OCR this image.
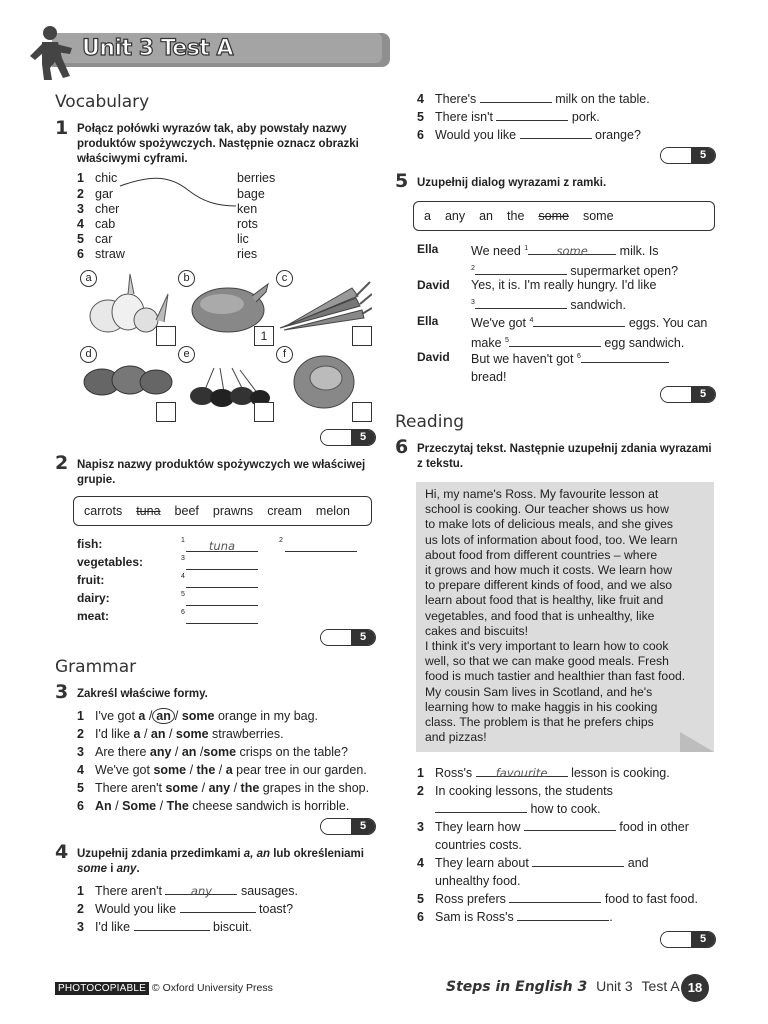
Unit 3 Test A
Vocabulary
1 Połącz połówki wyrazów tak, aby powstały nazwy produktów spożywczych. Następnie oznacz obrazki właściwymi cyframi.
1 chic
2 gar
3 cher
4 cab
5 car
6 straw
berries
bage
ken
rots
lic
ries
a	b
1
c
d	e	f
5
2 Napisz nazwy produktów spożywczych we właściwej grupie.
carrots tuna beef prawns cream melon
fish:	1	tuna	2
vegetables:	3
fruit:	4
dairy:	5
meat:	6
5
Grammar
3 Zakreśl właściwe formy.
1 I've got a / an / some orange in my bag.
2 I'd like a / an / some strawberries.
3 Are there any / an /some crisps on the table?
4 We've got some / the / a pear tree in our garden.
5 There aren't some / any / the grapes in the shop.
6 An / Some / The cheese sandwich is horrible.
5
4 Uzupełnij zdania przedimkami a, an lub określeniami some i any.
1 There aren't any sausages.
2 Would you like	toast?
3 I'd like	biscuit.
4 There's	milk on the table.
5 There isn't	pork.
6 Would you like	orange?
5
5 Uzupełnij dialog wyrazami z ramki.
a any an the some some
Ella	We need $^1$ some milk. Is
$^2$	supermarket open?
David Yes, it is. I'm really hungry. I'd like
$^3$	sandwich.
Ella	We've got $^4$	eggs. You can
make $^5$	egg sandwich.
David But we haven't got $^6$
bread!
5
Reading
6 Przeczytaj tekst. Następnie uzupełnij zdania wyrazami z tekstu.
Hi, my name's Ross. My favourite lesson at
school is cooking. Our teacher shows us how
to make lots of delicious meals, and she gives
us lots of information about food, too. We learn
about food from different countries – where
it grows and how much it costs. We learn how
to prepare different kinds of food, and we also
learn about food that is healthy, like fruit and
vegetables, and food that is unhealthy, like
cakes and biscuits!
I think it's very important to learn how to cook
well, so that we can make good meals. Fresh
food is much tastier and healthier than fast food.
My cousin Sam lives in Scotland, and he's
learning how to make haggis in his cooking
class. The problem is that he prefers chips
and pizzas!
1 Ross's favourite lesson is cooking.
2 In cooking lessons, the students
how to cook.
3 They learn how	food in other
countries costs.
4 They learn about	and
unhealthy food.
5 Ross prefers	food to fast food.
6 Sam is Ross's	.
5
PHOTOCOPIABLE © Oxford University Press	Steps in English 3 Unit 3 Test A 18
